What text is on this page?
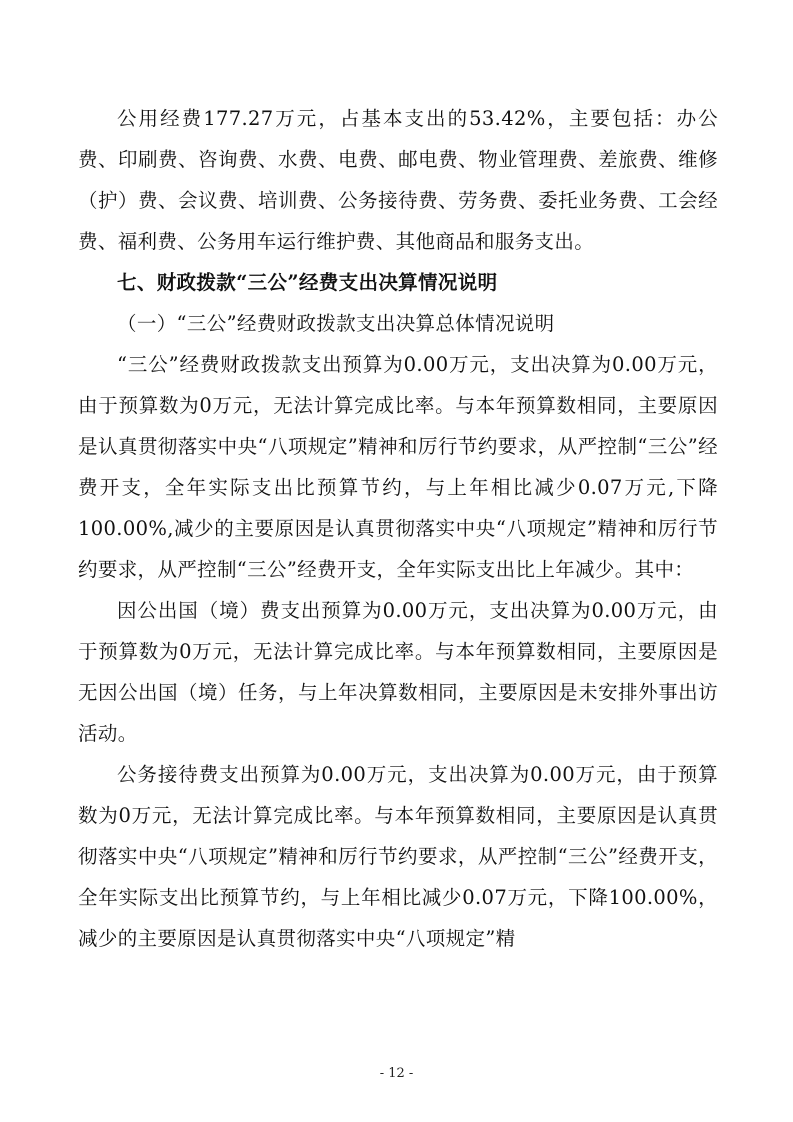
公用经费177.27万元，占基本支出的53.42%，主要包括：办公费、印刷费、咨询费、水费、电费、邮电费、物业管理费、差旅费、维修（护）费、会议费、培训费、公务接待费、劳务费、委托业务费、工会经费、福利费、公务用车运行维护费、其他商品和服务支出。

七、财政拨款“三公”经费支出决算情况说明

（一）“三公”经费财政拨款支出决算总体情况说明

“三公”经费财政拨款支出预算为0.00万元，支出决算为0.00万元，由于预算数为0万元，无法计算完成比率。与本年预算数相同，主要原因是认真贯彻落实中央“八项规定”精神和厉行节约要求，从严控制“三公”经费开支，全年实际支出比预算节约，与上年相比减少0.07万元,下降100.00%,减少的主要原因是认真贯彻落实中央“八项规定”精神和厉行节约要求，从严控制“三公”经费开支，全年实际支出比上年减少。其中：

因公出国（境）费支出预算为0.00万元，支出决算为0.00万元，由于预算数为0万元，无法计算完成比率。与本年预算数相同，主要原因是无因公出国（境）任务，与上年决算数相同，主要原因是未安排外事出访活动。

公务接待费支出预算为0.00万元，支出决算为0.00万元，由于预算数为0万元，无法计算完成比率。与本年预算数相同，主要原因是认真贯彻落实中央“八项规定”精神和厉行节约要求，从严控制“三公”经费开支，全年实际支出比预算节约，与上年相比减少0.07万元，下降100.00%，减少的主要原因是认真贯彻落实中央“八项规定”精

- 12 -
